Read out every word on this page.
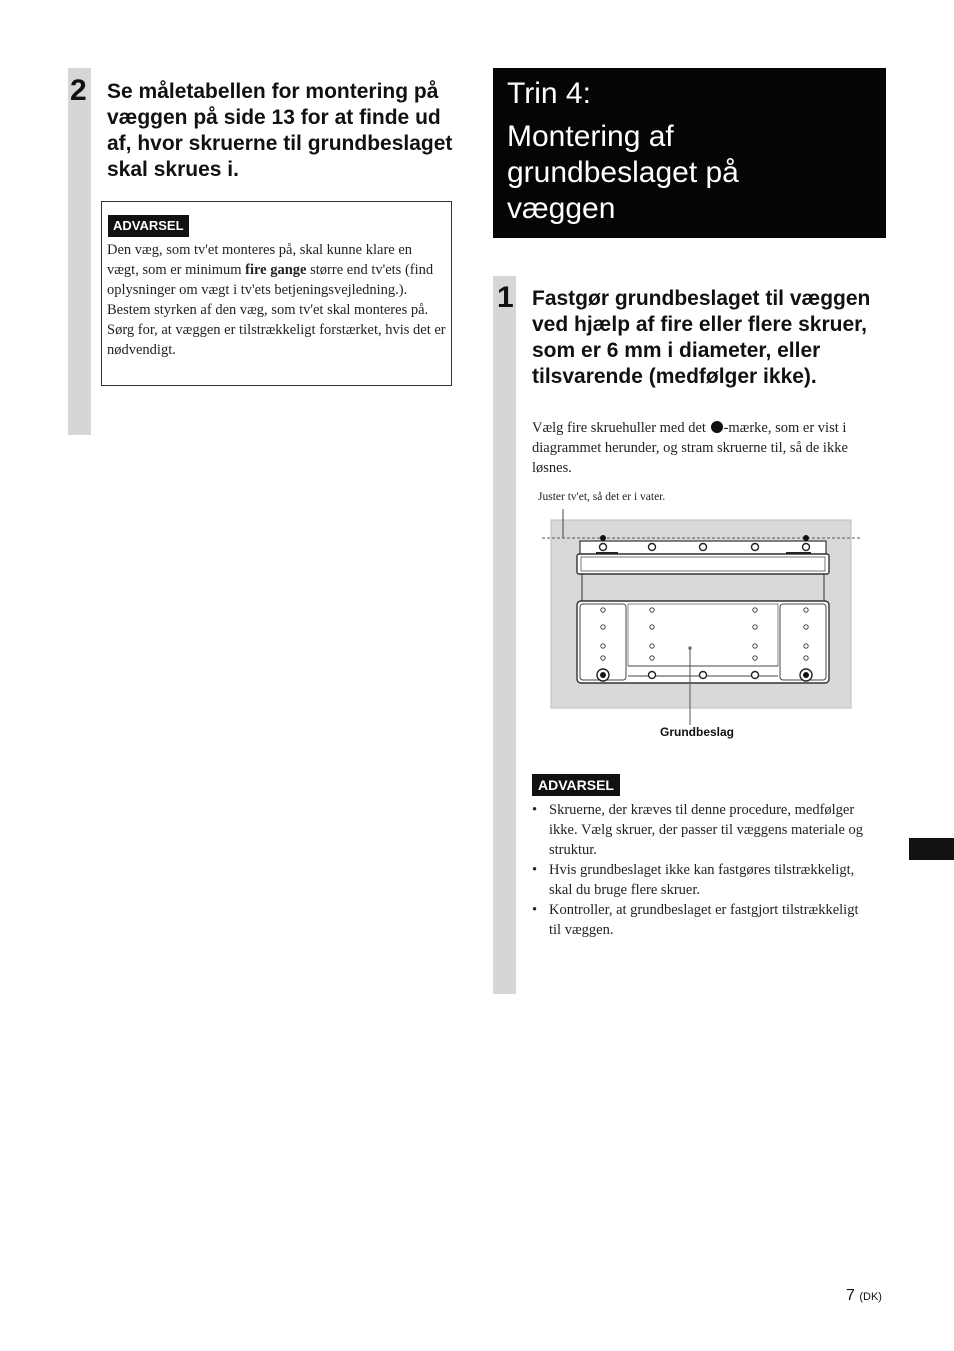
2 Se måletabellen for montering på væggen på side 13 for at finde ud af, hvor skruerne til grundbeslaget skal skrues i.
ADVARSEL
Den væg, som tv'et monteres på, skal kunne klare en vægt, som er minimum fire gange større end tv'ets (find oplysninger om vægt i tv'ets betjeningsvejledning.).
Bestem styrken af den væg, som tv'et skal monteres på. Sørg for, at væggen er tilstrækkeligt forstærket, hvis det er nødvendigt.
Trin 4:
Montering af grundbeslaget på væggen
1 Fastgør grundbeslaget til væggen ved hjælp af fire eller flere skruer, som er 6 mm i diameter, eller tilsvarende (medfølger ikke).
Vælg fire skruehuller med det -mærke, som er vist i diagrammet herunder, og stram skruerne til, så de ikke løsnes.
Juster tv'et, så det er i vater.
Grundbeslag
ADVARSEL
• Skruerne, der kræves til denne procedure, medfølger ikke. Vælg skruer, der passer til væggens materiale og struktur.
• Hvis grundbeslaget ikke kan fastgøres tilstrækkeligt, skal du bruge flere skruer.
• Kontroller, at grundbeslaget er fastgjort tilstrækkeligt til væggen.
7 (DK)
